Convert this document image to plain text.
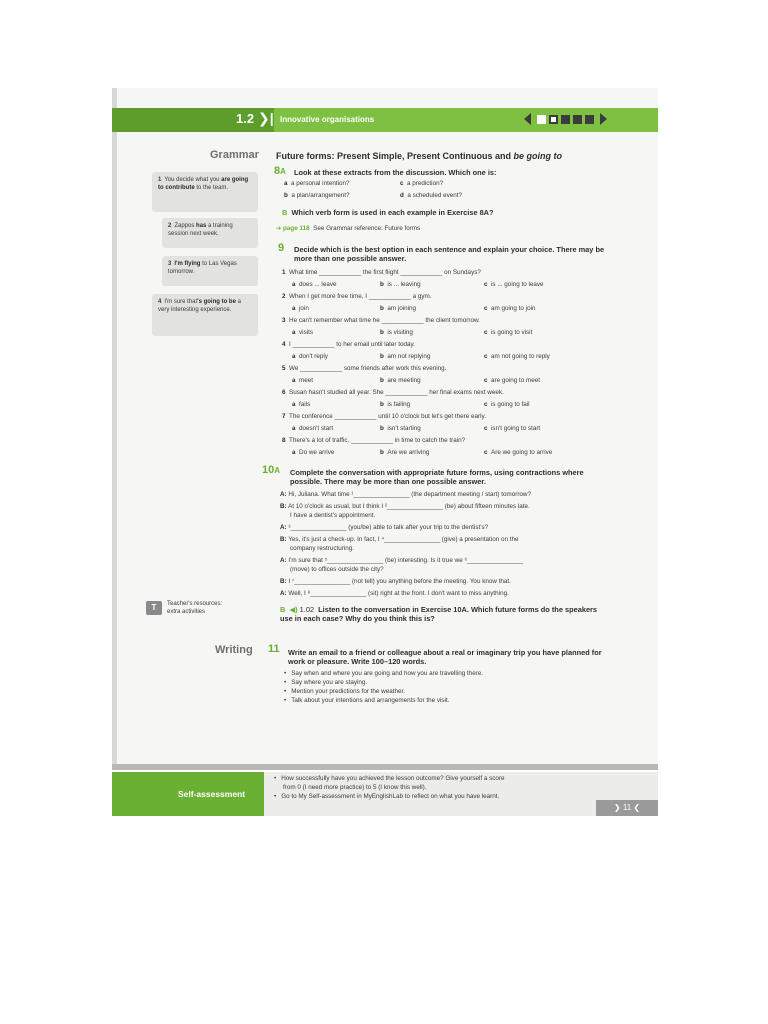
1.2 ❯| Innovative organisations
Grammar Future forms: Present Simple, Present Continuous and be going to
1 You decide what you are going to contribute to the team.
2 Zappos has a training session next week.
3 I'm flying to Las Vegas tomorrow.
4 I'm sure that's going to be a very interesting experience.
8A Look at these extracts from the discussion. Which one is:
a a personal intention?	c a prediction?
b a plan/arrangement?	d a scheduled event?
B Which verb form is used in each example in Exercise 8A?
➔ page 118 See Grammar reference: Future forms
9 Decide which is the best option in each sentence and explain your choice. There may be more than one possible answer.
1 What time ____________ the first flight ____________ on Sundays?
a does ... leave	b is ... leaving	c is ... going to leave
2 When I get more free time, I ____________ a gym.
a join	b am joining	c am going to join
3 He can't remember what time he ____________ the client tomorrow.
a visits	b is visiting	c is going to visit
4 I ____________ to her email until later today.
a don't reply	b am not replying	c am not going to reply
5 We ____________ some friends after work this evening.
a meet	b are meeting	c are going to meet
6 Susan hasn't studied all year. She ____________ her final exams next week.
a fails	b is failing	c is going to fail
7 The conference ____________ until 10 o'clock but let's get there early.
a doesn't start	b isn't starting	c isn't going to start
8 There's a lot of traffic. ____________ in time to catch the train?
a Do we arrive	b Are we arriving	c Are we going to arrive
10A Complete the conversation with appropriate future forms, using contractions where possible. There may be more than one possible answer.
A: Hi, Juliana. What time ¹________________ (the department meeting / start) tomorrow?
B: At 10 o'clock as usual, but I think I ²________________ (be) about fifteen minutes late.
I have a dentist's appointment.
A: ³________________ (you/be) able to talk after your trip to the dentist's?
B: Yes, it's just a check-up. In fact, I ⁴________________ (give) a presentation on the
company restructuring.
A: I'm sure that ⁵________________ (be) interesting. Is it true we ⁶________________
(move) to offices outside the city?
B: I ⁷________________ (not tell) you anything before the meeting. You know that.
A: Well, I ⁸________________ (sit) right at the front. I don't want to miss anything.
B ◀) 1.02 Listen to the conversation in Exercise 10A. Which future forms do the speakers use in each case? Why do you think this is?
T	Teacher's resources: extra activities
Writing 11 Write an email to a friend or colleague about a real or imaginary trip you have planned for work or pleasure. Write 100–120 words.
• Say when and where you are going and how you are travelling there.
• Say where you are staying.
• Mention your predictions for the weather.
• Talk about your intentions and arrangements for the visit.
Self-assessment
• How successfully have you achieved the lesson outcome? Give yourself a score
from 0 (I need more practice) to 5 (I know this well).
• Go to My Self-assessment in MyEnglishLab to reflect on what you have learnt.
❯ 11 ❮
